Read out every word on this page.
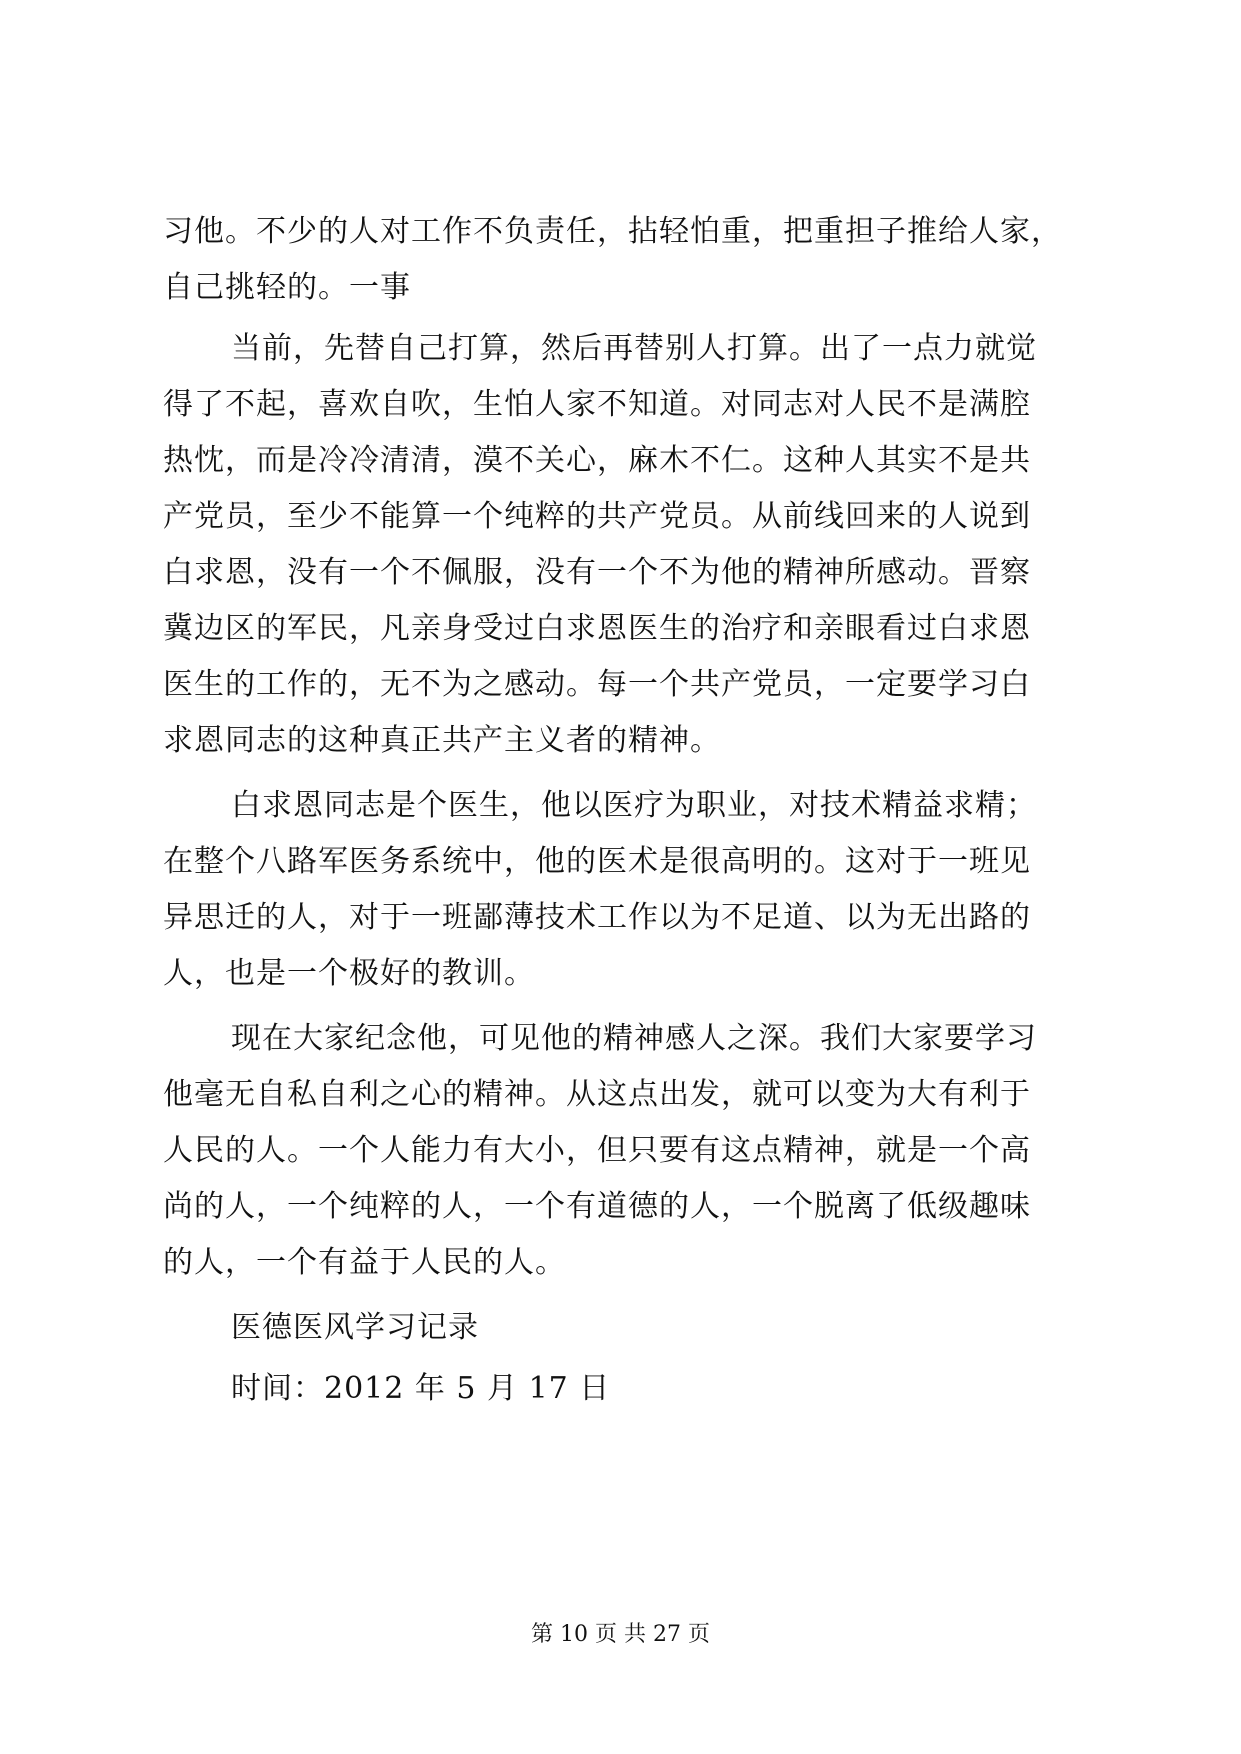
习他。不少的人对工作不负责任，拈轻怕重，把重担子推给人家，
自己挑轻的。一事
当前，先替自己打算，然后再替别人打算。出了一点力就觉
得了不起，喜欢自吹，生怕人家不知道。对同志对人民不是满腔
热忱，而是冷冷清清，漠不关心，麻木不仁。这种人其实不是共
产党员，至少不能算一个纯粹的共产党员。从前线回来的人说到
白求恩，没有一个不佩服，没有一个不为他的精神所感动。晋察
冀边区的军民，凡亲身受过白求恩医生的治疗和亲眼看过白求恩
医生的工作的，无不为之感动。每一个共产党员，一定要学习白
求恩同志的这种真正共产主义者的精神。
白求恩同志是个医生，他以医疗为职业，对技术精益求精；
在整个八路军医务系统中，他的医术是很高明的。这对于一班见
异思迁的人，对于一班鄙薄技术工作以为不足道、以为无出路的
人，也是一个极好的教训。
现在大家纪念他，可见他的精神感人之深。我们大家要学习
他毫无自私自利之心的精神。从这点出发，就可以变为大有利于
人民的人。一个人能力有大小，但只要有这点精神，就是一个高
尚的人，一个纯粹的人，一个有道德的人，一个脱离了低级趣味
的人，一个有益于人民的人。
医德医风学习记录
时间：2012 年 5 月 17 日
第 10 页 共 27 页
